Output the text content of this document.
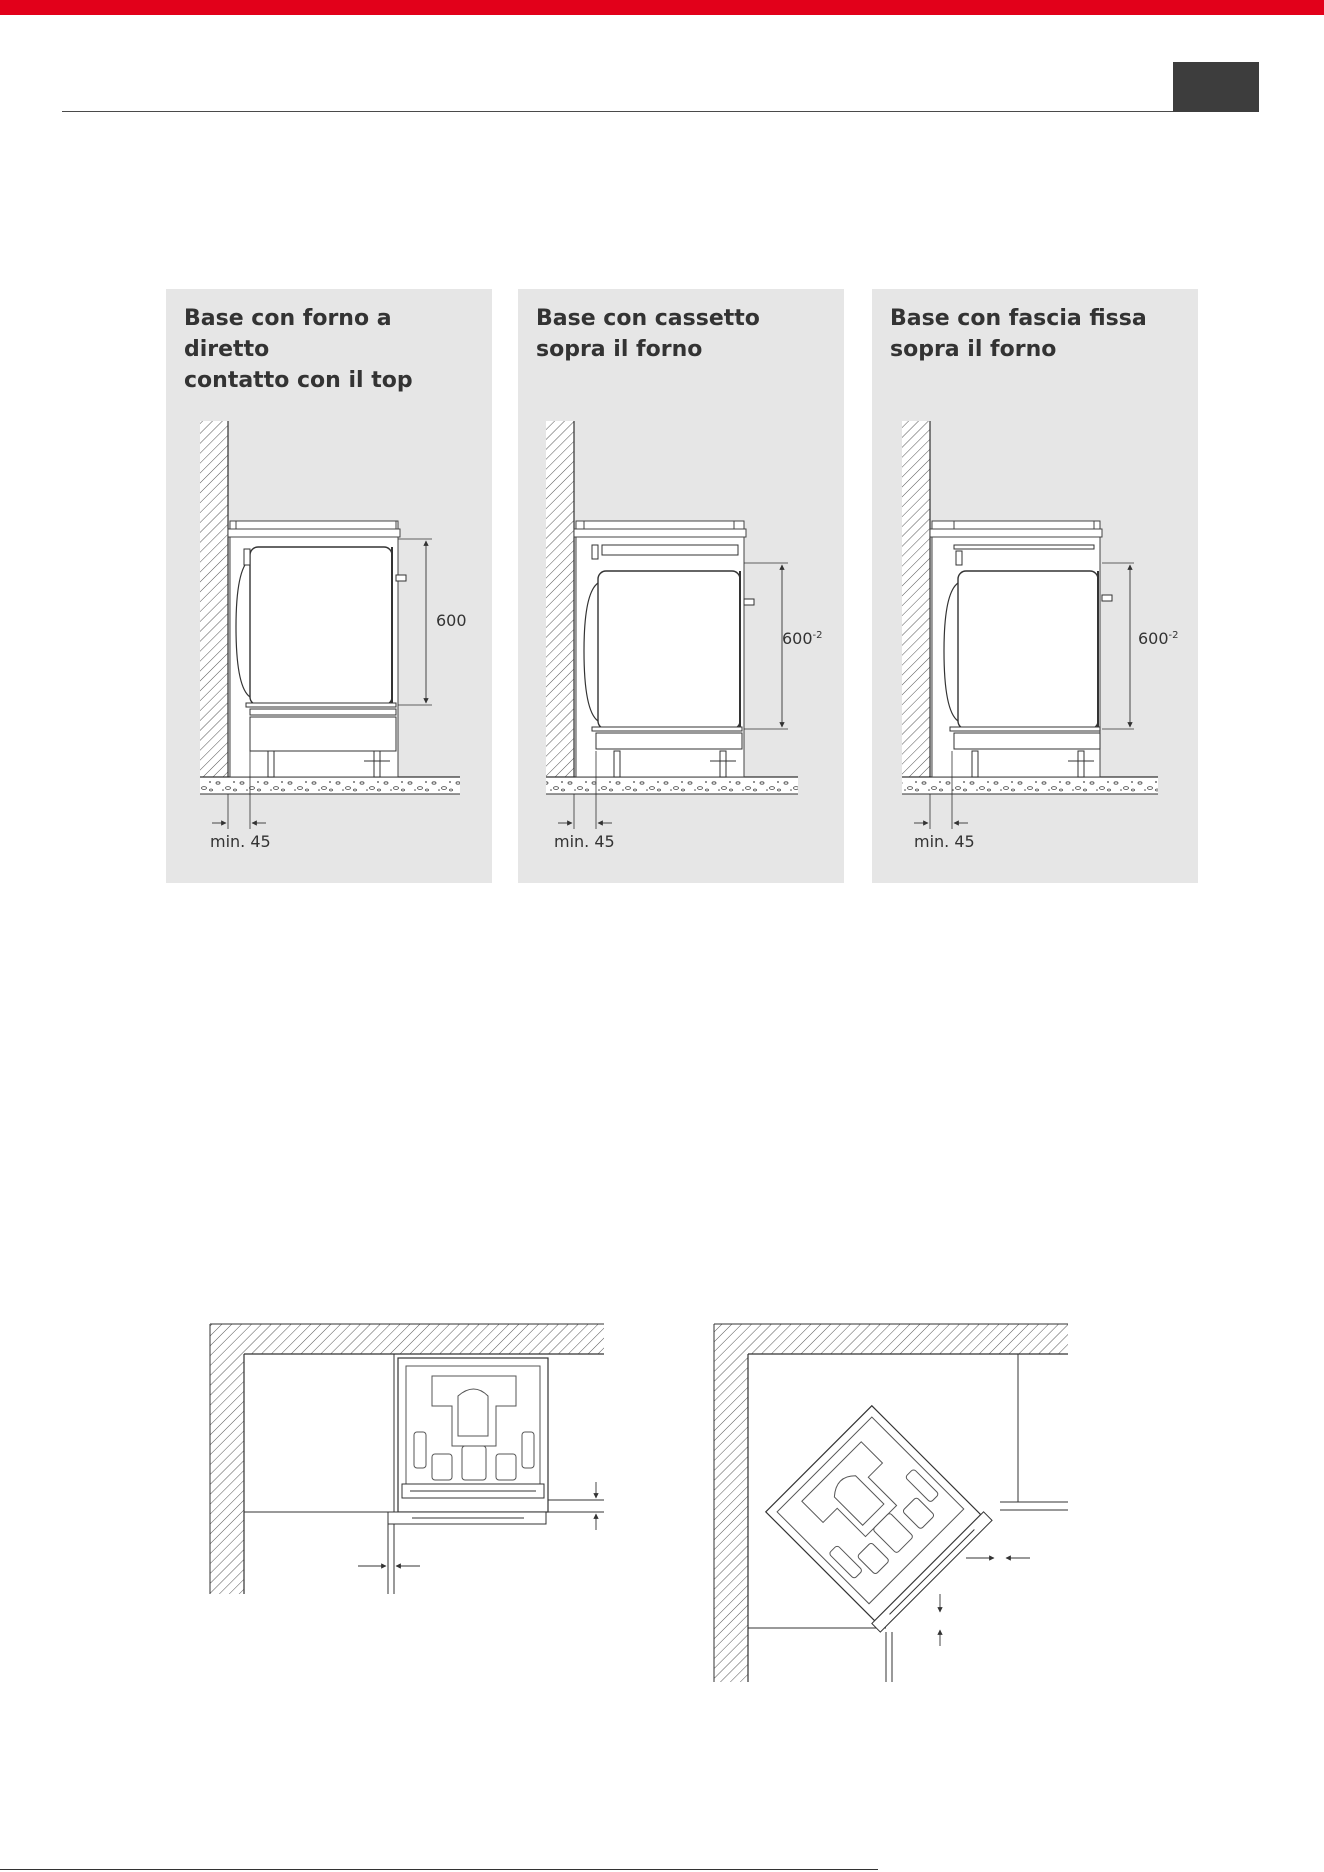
Base con forno a diretto
contatto con il top
600
min. 45
Base con cassetto
sopra il forno
$600^{-2}$
min. 45
Base con fascia fissa
sopra il forno
$600^{-2}$
min. 45
